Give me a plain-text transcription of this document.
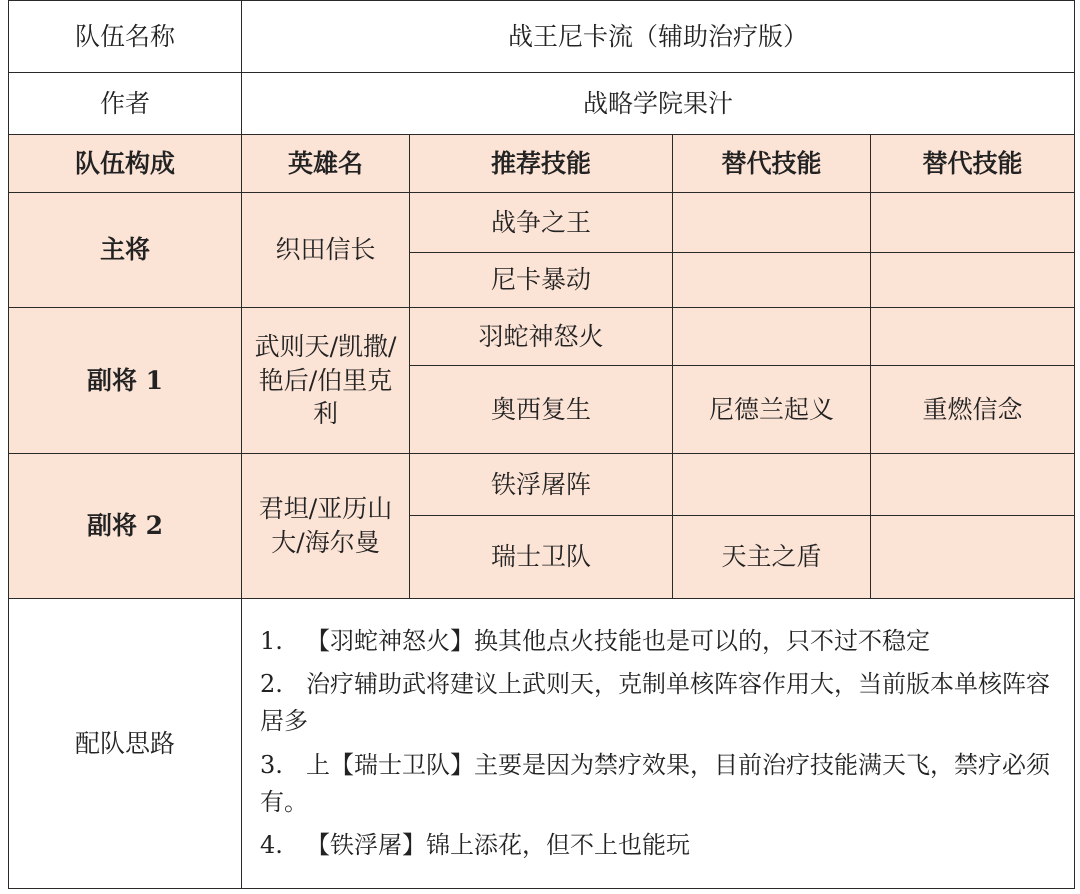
队伍名称	战王尼卡流（辅助治疗版）			
作者	战略学院果汁			
队伍构成	英雄名	推荐技能	替代技能	替代技能
主将	织田信长	战争之王		
		尼卡暴动		
副将 1	武则天/凯撒/艳后/伯里克利	羽蛇神怒火		
		奥西复生	尼德兰起义	重燃信念
副将 2	君坦/亚历山大/海尔曼	铁浮屠阵		
		瑞士卫队	天主之盾	
配队思路	1. 【羽蛇神怒火】换其他点火技能也是可以的，只不过不稳定

2. 治疗辅助武将建议上武则天，克制单核阵容作用大，当前版本单核阵容居多

3. 上【瑞士卫队】主要是因为禁疗效果，目前治疗技能满天飞，禁疗必须有。

4. 【铁浮屠】锦上添花，但不上也能玩			
